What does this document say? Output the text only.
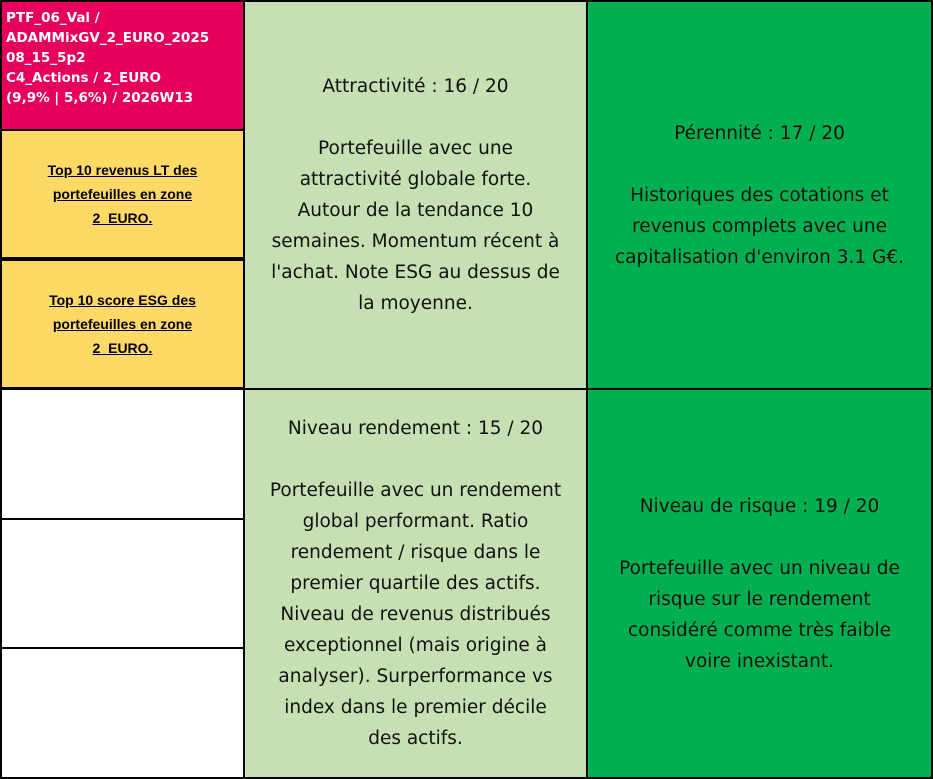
PTF_06_Val /
ADAMMixGV_2_EURO_2025
08_15_5p2
C4_Actions / 2_EURO
(9,9% | 5,6%) / 2026W13
Top 10 revenus LT des
portefeuilles en zone
2_EURO.
Top 10 score ESG des
portefeuilles en zone
2_EURO.
Attractivité : 16 / 20
Portefeuille avec une
attractivité globale forte.
Autour de la tendance 10
semaines. Momentum récent à
l'achat. Note ESG au dessus de
la moyenne.
Pérennité : 17 / 20
Historiques des cotations et
revenus complets avec une
capitalisation d'environ 3.1 G€.
Niveau rendement : 15 / 20
Portefeuille avec un rendement
global performant. Ratio
rendement / risque dans le
premier quartile des actifs.
Niveau de revenus distribués
exceptionnel (mais origine à
analyser). Surperformance vs
index dans le premier décile
des actifs.
Niveau de risque : 19 / 20
Portefeuille avec un niveau de
risque sur le rendement
considéré comme très faible
voire inexistant.
